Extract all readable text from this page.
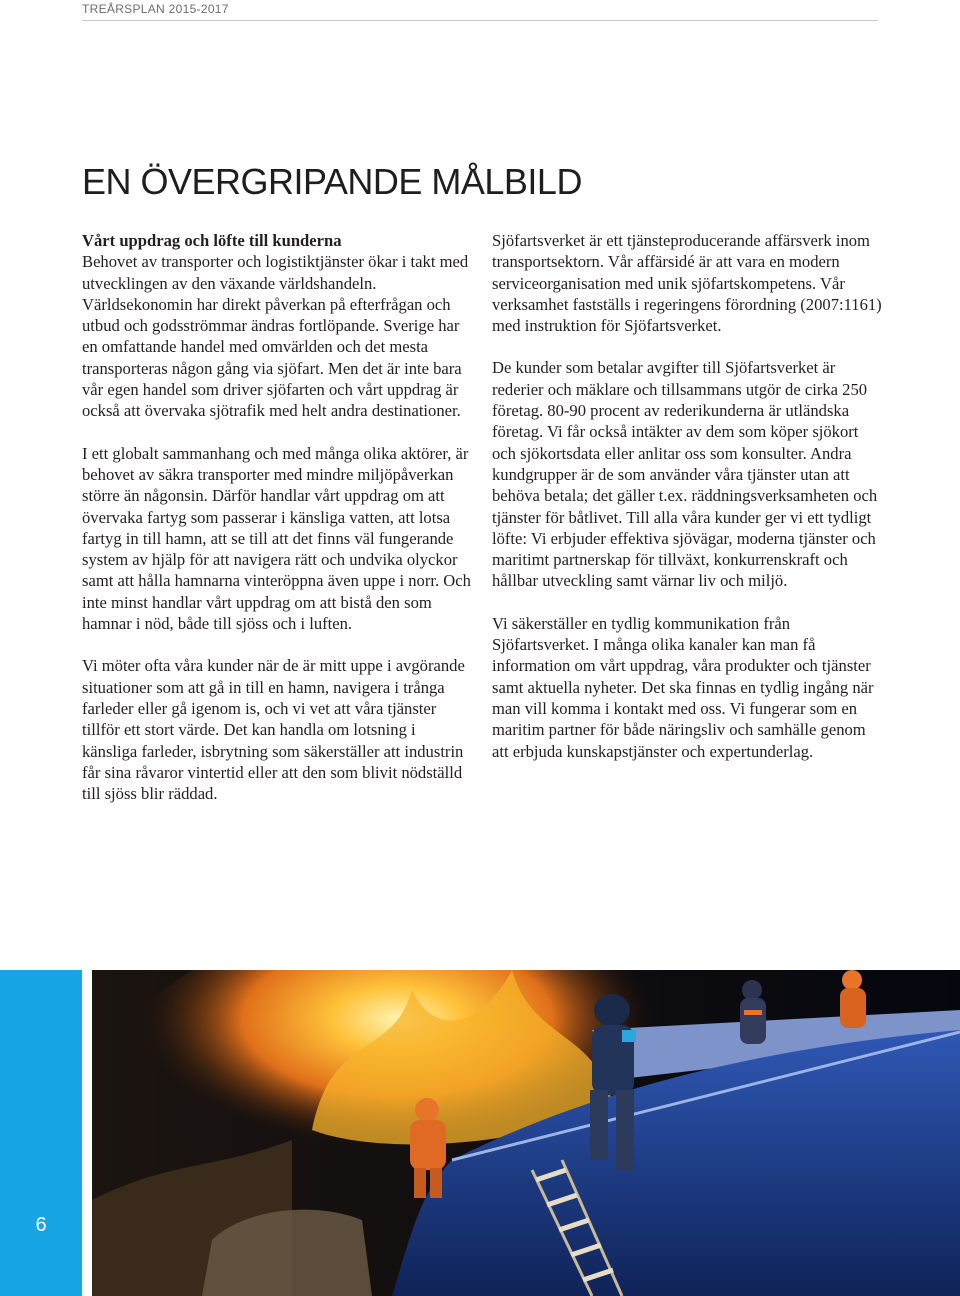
TREÅRSPLAN 2015-2017
EN ÖVERGRIPANDE MÅLBILD

Vårt uppdrag och löfte till kunderna
Behovet av transporter och logistiktjänster ökar i takt med utvecklingen av den växande världshandeln. Världsekonomin har direkt påverkan på efterfrågan och utbud och godsströmmar ändras fortlöpande. Sverige har en omfattande handel med omvärlden och det mesta transporteras någon gång via sjöfart. Men det är inte bara vår egen handel som driver sjöfarten och vårt uppdrag är också att övervaka sjötrafik med helt andra destinationer.

I ett globalt sammanhang och med många olika aktörer, är behovet av säkra transporter med mindre miljöpåverkan större än någonsin. Därför handlar vårt uppdrag om att övervaka fartyg som passerar i känsliga vatten, att lotsa fartyg in till hamn, att se till att det finns väl fungerande system av hjälp för att navigera rätt och undvika olyckor samt att hålla hamnarna vinteröppna även uppe i norr. Och inte minst handlar vårt uppdrag om att bistå den som hamnar i nöd, både till sjöss och i luften.

Vi möter ofta våra kunder när de är mitt uppe i avgörande situationer som att gå in till en hamn, navigera i trånga farleder eller gå igenom is, och vi vet att våra tjänster tillför ett stort värde. Det kan handla om lotsning i känsliga farleder, isbrytning som säkerställer att industrin får sina råvaror vintertid eller att den som blivit nödställd till sjöss blir räddad.

Sjöfartsverket är ett tjänsteproducerande affärsverk inom transportsektorn. Vår affärsidé är att vara en modern serviceorganisation med unik sjöfartskompetens. Vår verksamhet fastställs i regeringens förordning (2007:1161) med instruktion för Sjöfartsverket.

De kunder som betalar avgifter till Sjöfartsverket är rederier och mäklare och tillsammans utgör de cirka 250 företag. 80-90 procent av rederikunderna är utländska företag. Vi får också intäkter av dem som köper sjökort och sjökortsdata eller anlitar oss som konsulter. Andra kundgrupper är de som använder våra tjänster utan att behöva betala; det gäller t.ex. räddningsverksamheten och tjänster för båtlivet. Till alla våra kunder ger vi ett tydligt löfte: Vi erbjuder effektiva sjövägar, moderna tjänster och maritimt partnerskap för tillväxt, konkurrenskraft och hållbar utveckling samt värnar liv och miljö.

Vi säkerställer en tydlig kommunikation från Sjöfartsverket. I många olika kanaler kan man få information om vårt uppdrag, våra produkter och tjänster samt aktuella nyheter. Det ska finnas en tydlig ingång när man vill komma i kontakt med oss. Vi fungerar som en maritim partner för både näringsliv och samhälle genom att erbjuda kunskapstjänster och expertunderlag.

6
